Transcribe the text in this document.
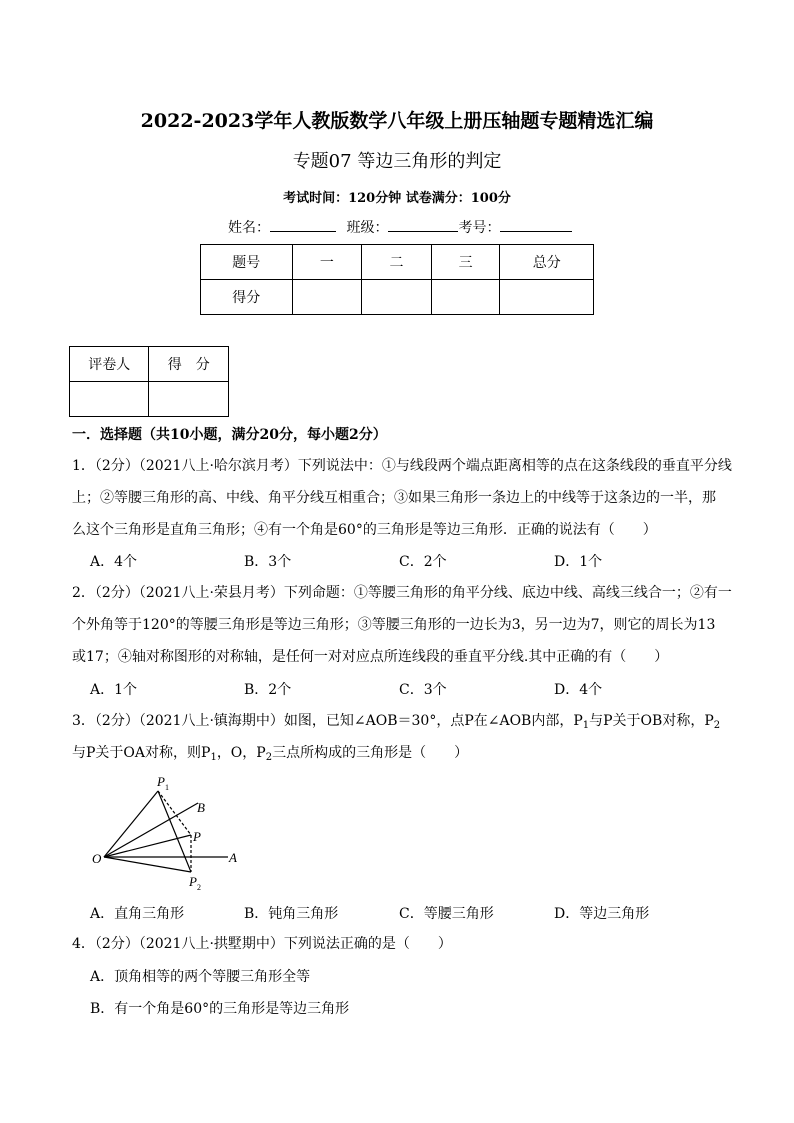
2022-2023学年人教版数学八年级上册压轴题专题精选汇编
专题07 等边三角形的判定
考试时间：120分钟 试卷满分：100分
姓名：	班级：	考号：
题号	一	二	三	总分
得分				
评卷人	得　分

一．选择题（共10小题，满分20分，每小题2分）
1．（2分）（2021八上·哈尔滨月考）下列说法中：①与线段两个端点距离相等的点在这条线段的垂直平分线
上；②等腰三角形的高、中线、角平分线互相重合；③如果三角形一条边上的中线等于这条边的一半，那
么这个三角形是直角三角形；④有一个角是60°的三角形是等边三角形．正确的说法有（　　）
A．4个	B．3个	C．2个	D．1个
2．（2分）（2021八上·荣县月考）下列命题：①等腰三角形的角平分线、底边中线、高线三线合一；②有一
个外角等于120°的等腰三角形是等边三角形；③等腰三角形的一边长为3，另一边为7，则它的周长为13
或17；④轴对称图形的对称轴，是任何一对对应点所连线段的垂直平分线.其中正确的有（　　）
A．1个	B．2个	C．3个	D．4个
3．（2分）（2021八上·镇海期中）如图，已知∠AOB＝30°，点P在∠AOB内部，$P_1$与P关于OB对称，$P_2$
与P关于OA对称，则$P_1$，O，$P_2$三点所构成的三角形是（　　）
O	A
B
P
P 1
P 2
A．直角三角形	B．钝角三角形	C．等腰三角形	D．等边三角形
4．（2分）（2021八上·拱墅期中）下列说法正确的是（　　）
A．顶角相等的两个等腰三角形全等
B．有一个角是60°的三角形是等边三角形
